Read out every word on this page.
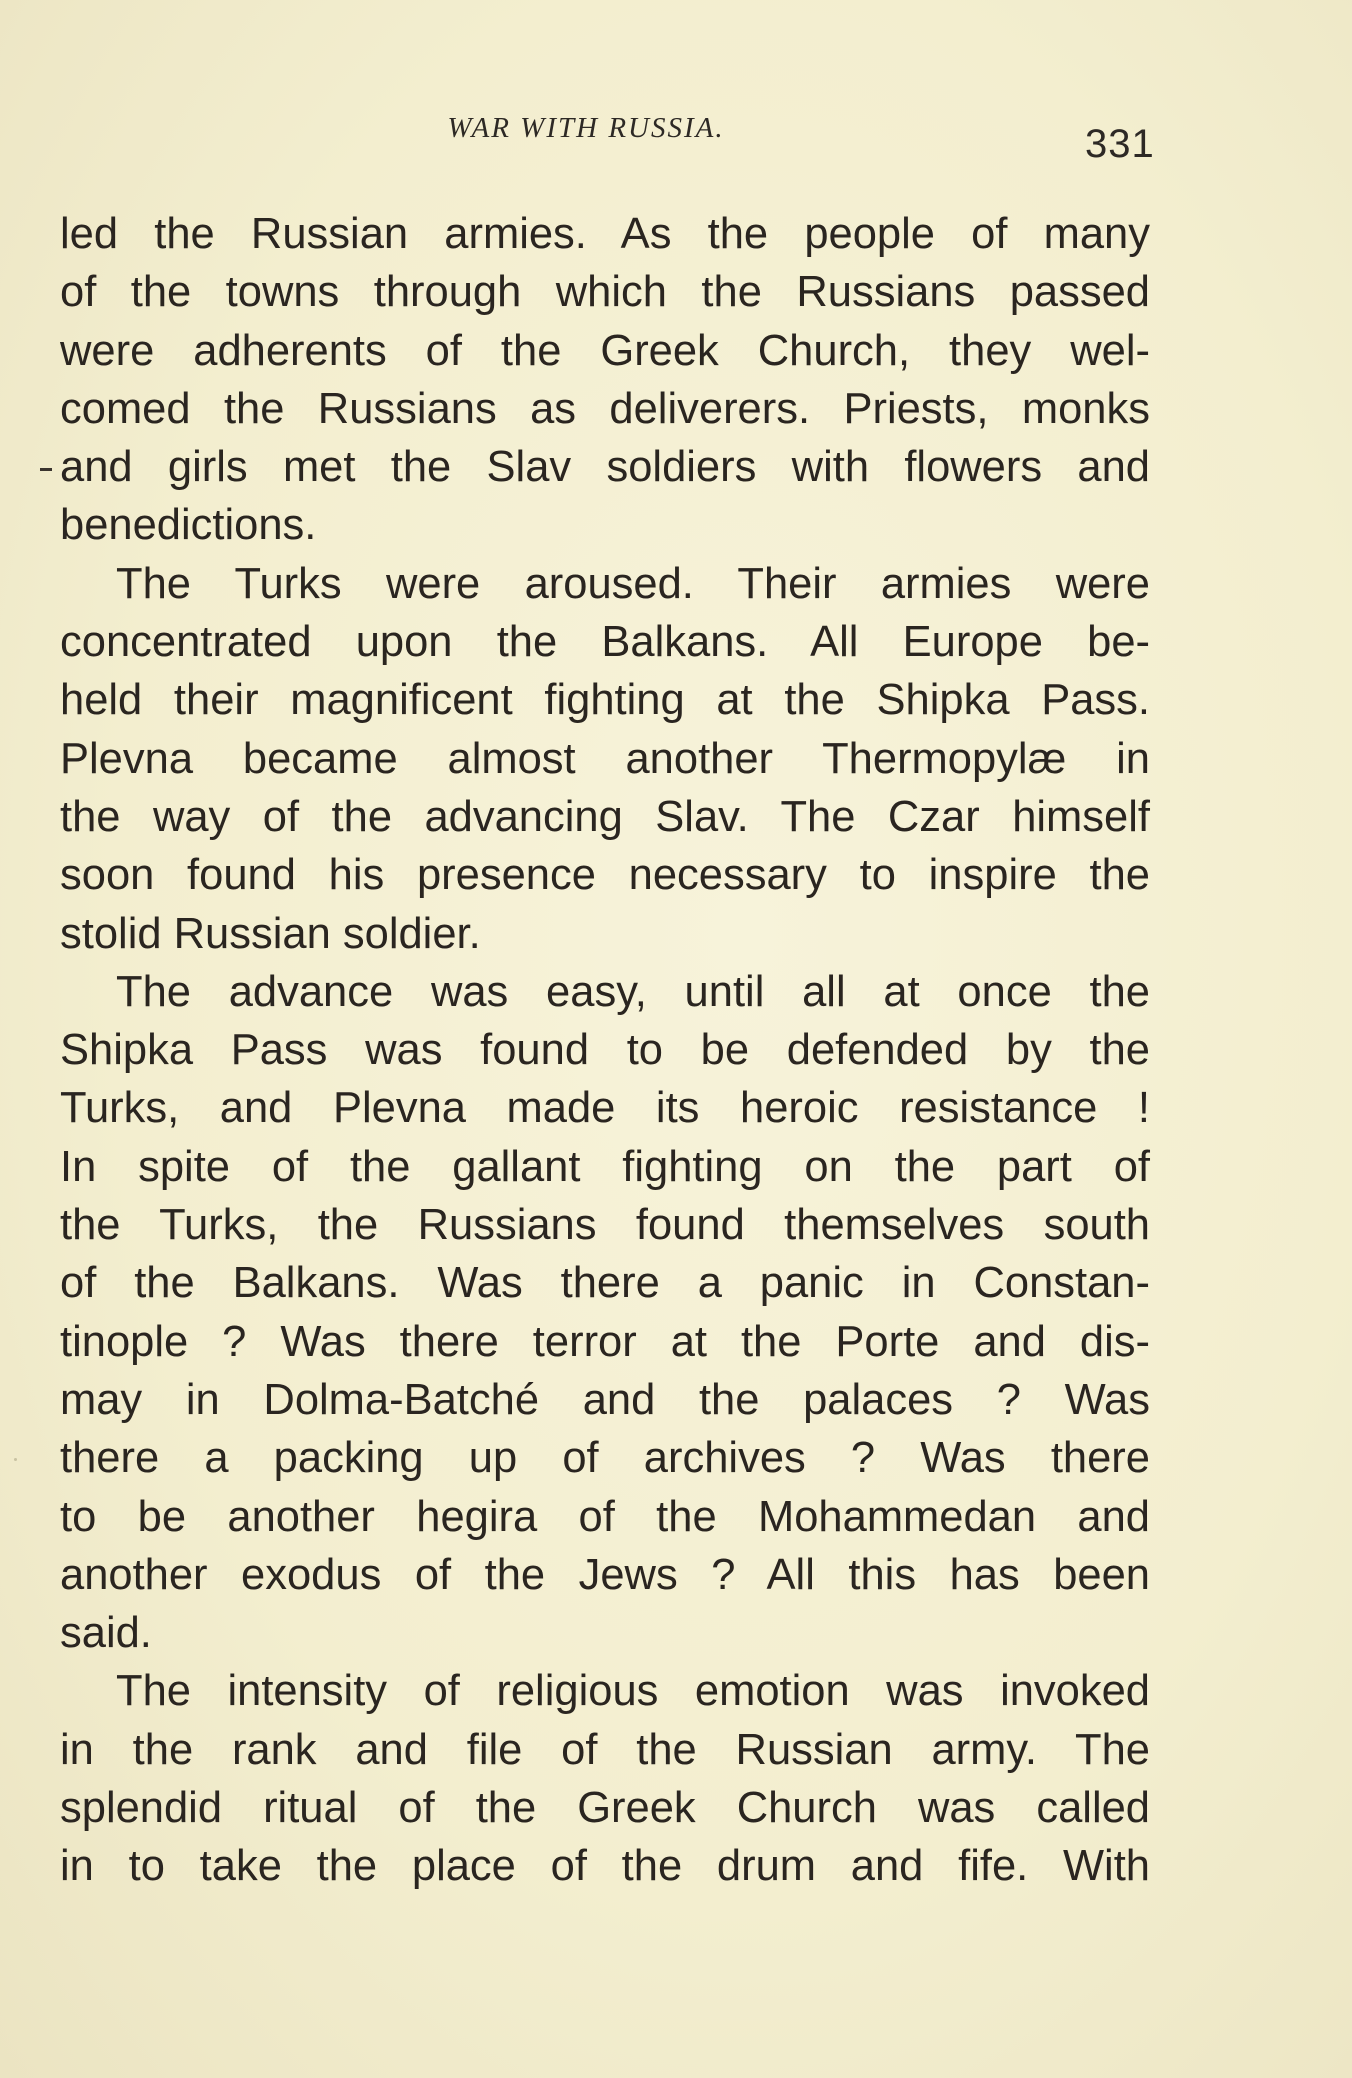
WAR WITH RUSSIA.	331
led the Russian armies. As the people of many
of the towns through which the Russians passed
were adherents of the Greek Church, they wel-
comed the Russians as deliverers. Priests, monks
and girls met the Slav soldiers with flowers and
benedictions.
The Turks were aroused. Their armies were
concentrated upon the Balkans. All Europe be-
held their magnificent fighting at the Shipka Pass.
Plevna became almost another Thermopylæ in
the way of the advancing Slav. The Czar himself
soon found his presence necessary to inspire the
stolid Russian soldier.
The advance was easy, until all at once the
Shipka Pass was found to be defended by the
Turks, and Plevna made its heroic resistance !
In spite of the gallant fighting on the part of
the Turks, the Russians found themselves south
of the Balkans. Was there a panic in Constan-
tinople ? Was there terror at the Porte and dis-
may in Dolma-Batché and the palaces ? Was
there a packing up of archives ? Was there
to be another hegira of the Mohammedan and
another exodus of the Jews ? All this has been
said.
The intensity of religious emotion was invoked
in the rank and file of the Russian army. The
splendid ritual of the Greek Church was called
in to take the place of the drum and fife. With
